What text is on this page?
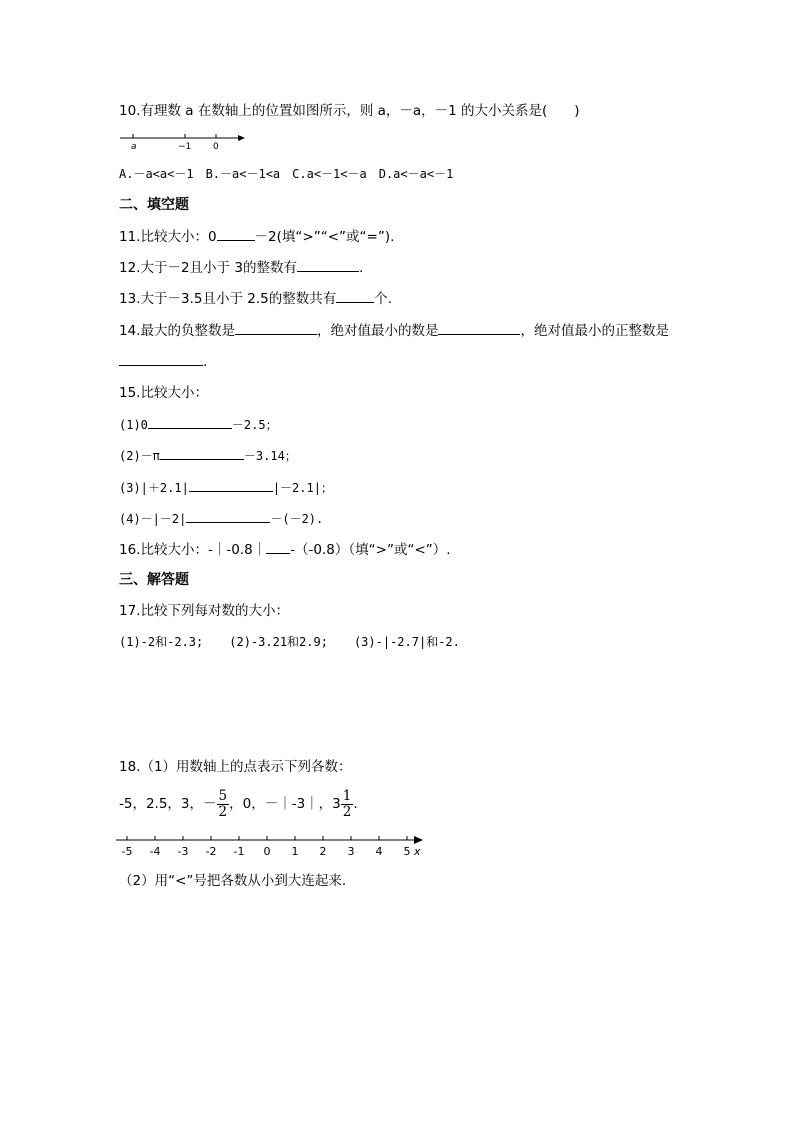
10.有理数 a 在数轴上的位置如图所示，则 a，－a，－1 的大小关系是(　　)
a	−1 0
A.－a<a<－1　B.－a<－1<a　C.a<－1<－a　D.a<－a<－1
二、填空题
11.比较大小：0	－2(填“>”“<”或“=”).
12.大于－2且小于 3的整数有	.
13.大于－3.5且小于 2.5的整数共有	个.
14.最大的负整数是	，绝对值最小的数是	，绝对值最小的正整数是
.
15.比较大小：
(1)0	－2.5；
(2)－π	－3.14；
(3)|＋2.1|	|－2.1|；
(4)－|－2|	－(－2).
16.比较大小：-｜-0.8｜ -（-0.8）（填“>”或“<”）.
三、解答题
17.比较下列每对数的大小：
(1)-2和-2.3; (2)-3.21和2.9; (3)-|-2.7|和-2.
18.（1）用数轴上的点表示下列各数：
-5，2.5，3，－ $\frac{5}{2}$ ，0，－｜-3｜，$3 \frac{1}{2}$ .
-5 -4 -3 -2 -1 0 1 2 3 4 5 x
（2）用“<”号把各数从小到大连起来.
